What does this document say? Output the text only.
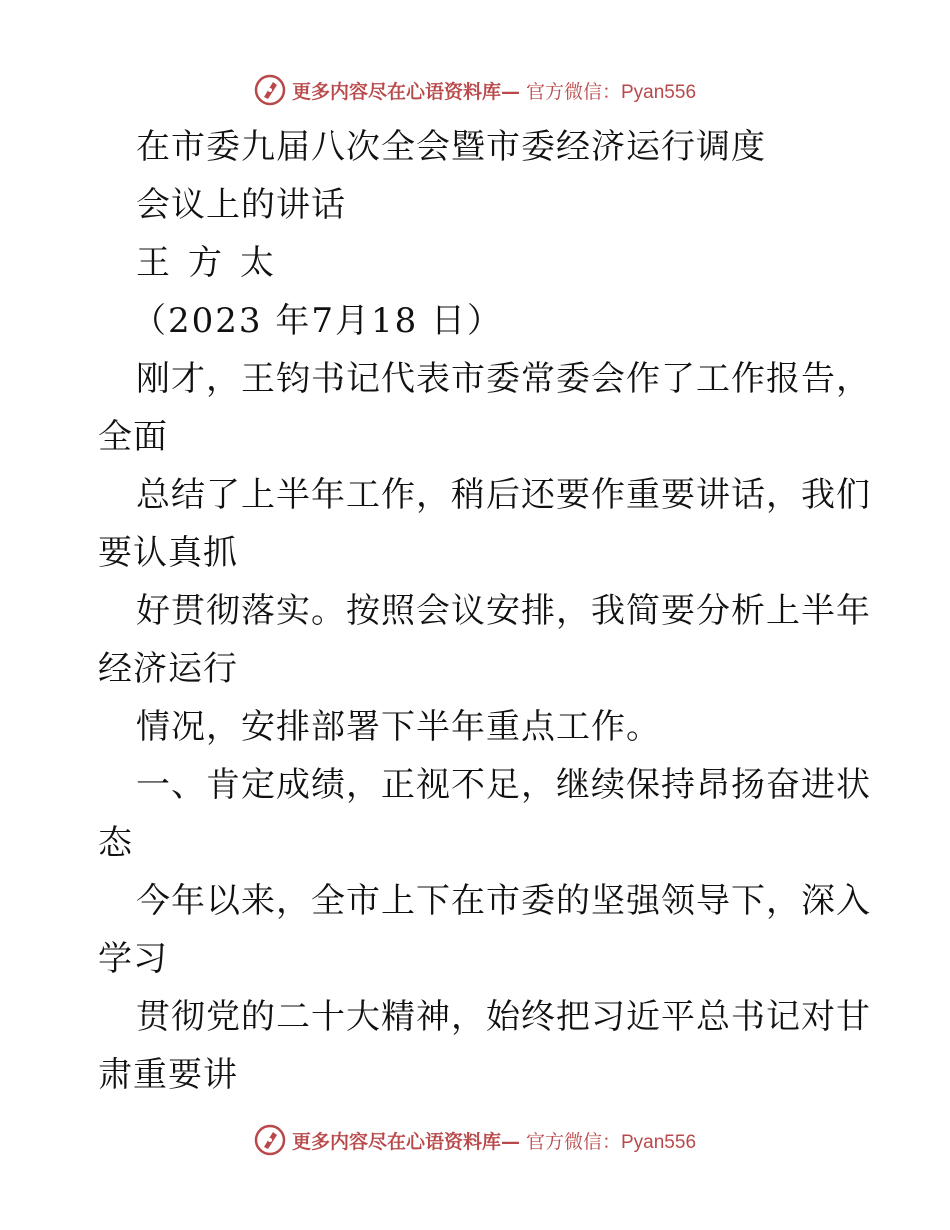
更多内容尽在心语资料库— 官方微信：Pyan556
在市委九届八次全会暨市委经济运行调度
会议上的讲话
王方太
（2023 年7月18 日）
刚才，王钧书记代表市委常委会作了工作报告，
全面
总结了上半年工作，稍后还要作重要讲话，我们
要认真抓
好贯彻落实。按照会议安排，我简要分析上半年
经济运行
情况，安排部署下半年重点工作。
一、肯定成绩，正视不足，继续保持昂扬奋进状
态
今年以来，全市上下在市委的坚强领导下，深入
学习
贯彻党的二十大精神，始终把习近平总书记对甘
肃重要讲
更多内容尽在心语资料库— 官方微信：Pyan556
